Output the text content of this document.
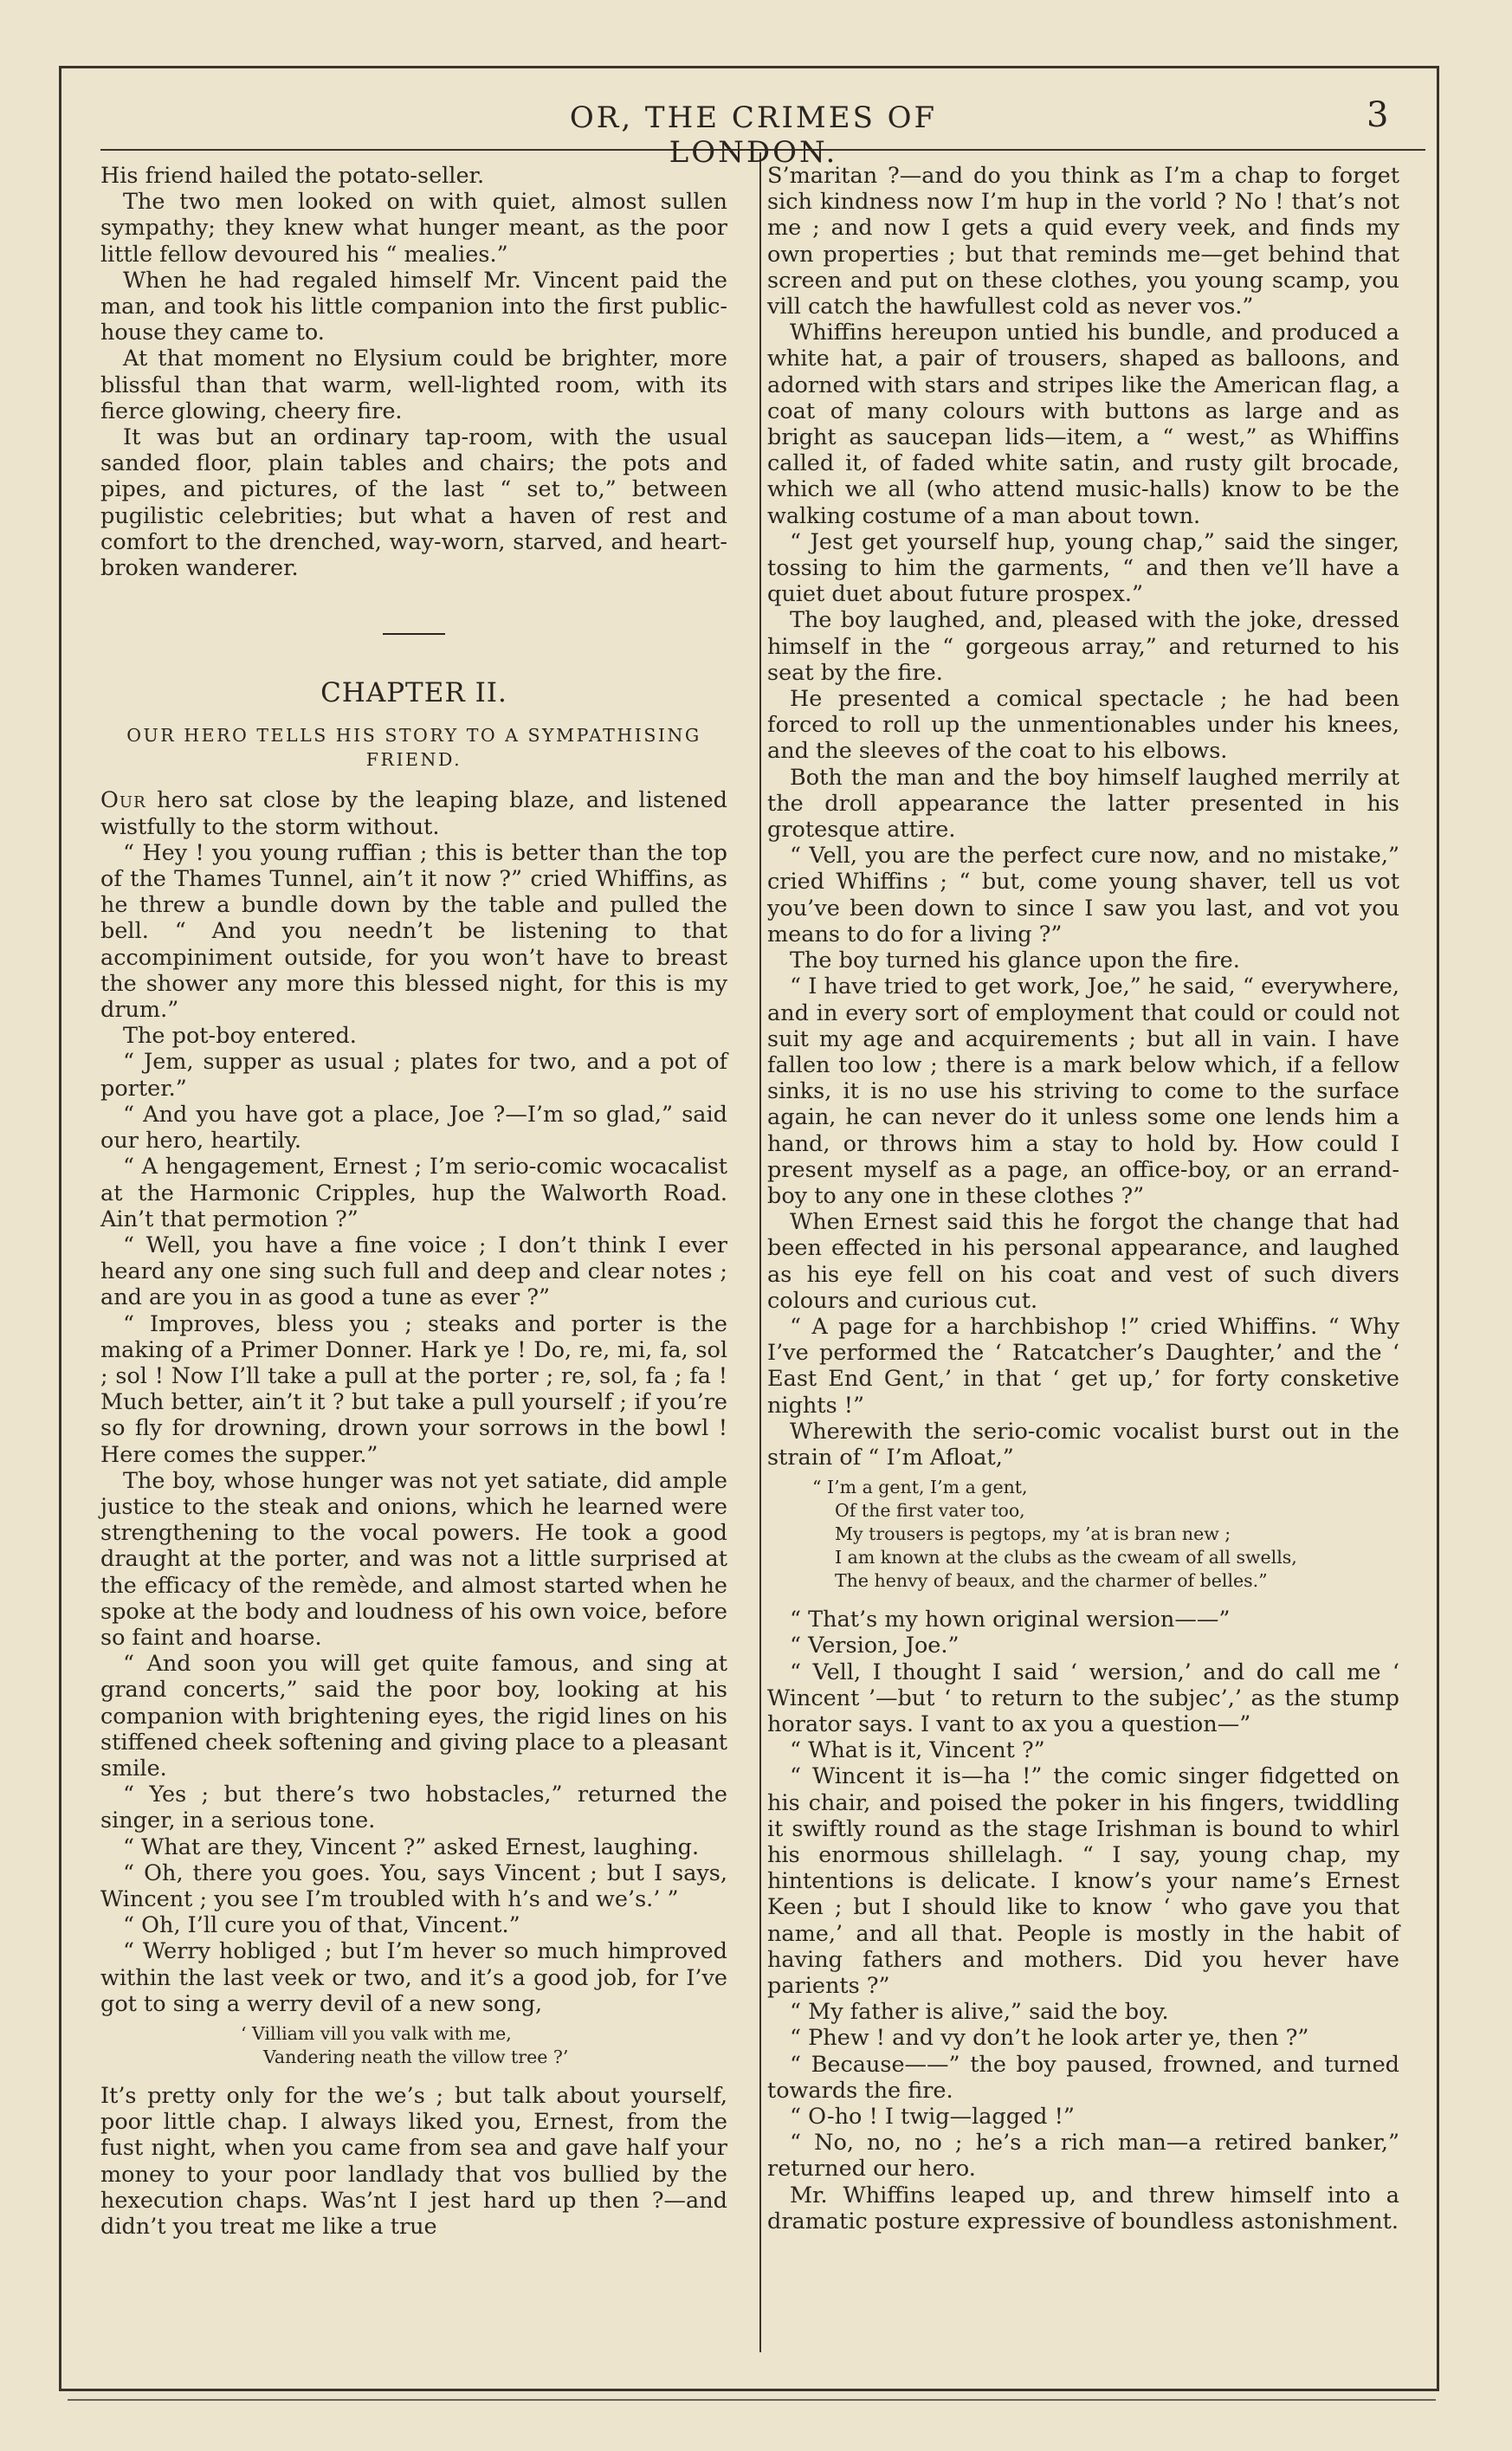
OR, THE CRIMES OF LONDON.
3

His friend hailed the potato-seller.

The two men looked on with quiet, almost sullen sympathy; they knew what hunger meant, as the poor little fellow devoured his “ mealies.”

When he had regaled himself Mr. Vincent paid the man, and took his little companion into the first public-house they came to.

At that moment no Elysium could be brighter, more blissful than that warm, well-lighted room, with its fierce glowing, cheery fire.

It was but an ordinary tap-room, with the usual sanded floor, plain tables and chairs; the pots and pipes, and pictures, of the last “ set to,” between pugilistic celebrities; but what a haven of rest and comfort to the drenched, way-worn, starved, and heart-broken wanderer.

CHAPTER II.
OUR HERO TELLS HIS STORY TO A SYMPATHISING FRIEND.

Our hero sat close by the leaping blaze, and listened wistfully to the storm without.

“ Hey ! you young ruffian ; this is better than the top of the Thames Tunnel, ain’t it now ?” cried Whiffins, as he threw a bundle down by the table and pulled the bell. “ And you needn’t be listening to that accompiniment outside, for you won’t have to breast the shower any more this blessed night, for this is my drum.”

The pot-boy entered.

“ Jem, supper as usual ; plates for two, and a pot of porter.”

“ And you have got a place, Joe ?—I’m so glad,” said our hero, heartily.

“ A hengagement, Ernest ; I’m serio-comic wocacalist at the Harmonic Cripples, hup the Walworth Road. Ain’t that permotion ?”

“ Well, you have a fine voice ; I don’t think I ever heard any one sing such full and deep and clear notes ; and are you in as good a tune as ever ?”

“ Improves, bless you ; steaks and porter is the making of a Primer Donner. Hark ye ! Do, re, mi, fa, sol ; sol ! Now I’ll take a pull at the porter ; re, sol, fa ; fa ! Much better, ain’t it ? but take a pull yourself ; if you’re so fly for drowning, drown your sorrows in the bowl ! Here comes the supper.”

The boy, whose hunger was not yet satiate, did ample justice to the steak and onions, which he learned were strengthening to the vocal powers. He took a good draught at the porter, and was not a little surprised at the efficacy of the remède, and almost started when he spoke at the body and loudness of his own voice, before so faint and hoarse.

“ And soon you will get quite famous, and sing at grand concerts,” said the poor boy, looking at his companion with brightening eyes, the rigid lines on his stiffened cheek softening and giving place to a pleasant smile.

“ Yes ; but there’s two hobstacles,” returned the singer, in a serious tone.

“ What are they, Vincent ?” asked Ernest, laughing.

“ Oh, there you goes. You, says Vincent ; but I says, Wincent ; you see I’m troubled with h’s and we’s.’ ”

“ Oh, I’ll cure you of that, Vincent.”

“ Werry hobliged ; but I’m hever so much himproved within the last veek or two, and it’s a good job, for I’ve got to sing a werry devil of a new song,

‘ Villiam vill you valk with me,
Vandering neath the villow tree ?’

It’s pretty only for the we’s ; but talk about yourself, poor little chap. I always liked you, Ernest, from the fust night, when you came from sea and gave half your money to your poor landlady that vos bullied by the hexecution chaps. Was’nt I jest hard up then ?—and didn’t you treat me like a true

S’maritan ?—and do you think as I’m a chap to forget sich kindness now I’m hup in the vorld ? No ! that’s not me ; and now I gets a quid every veek, and finds my own properties ; but that reminds me—get behind that screen and put on these clothes, you young scamp, you vill catch the hawfullest cold as never vos.”

Whiffins hereupon untied his bundle, and produced a white hat, a pair of trousers, shaped as balloons, and adorned with stars and stripes like the American flag, a coat of many colours with buttons as large and as bright as saucepan lids—item, a “ west,” as Whiffins called it, of faded white satin, and rusty gilt brocade, which we all (who attend music-halls) know to be the walking costume of a man about town.

“ Jest get yourself hup, young chap,” said the singer, tossing to him the garments, “ and then ve’ll have a quiet duet about future prospex.”

The boy laughed, and, pleased with the joke, dressed himself in the “ gorgeous array,” and returned to his seat by the fire.

He presented a comical spectacle ; he had been forced to roll up the unmentionables under his knees, and the sleeves of the coat to his elbows.

Both the man and the boy himself laughed merrily at the droll appearance the latter presented in his grotesque attire.

“ Vell, you are the perfect cure now, and no mistake,” cried Whiffins ; “ but, come young shaver, tell us vot you’ve been down to since I saw you last, and vot you means to do for a living ?”

The boy turned his glance upon the fire.

“ I have tried to get work, Joe,” he said, “ everywhere, and in every sort of employment that could or could not suit my age and acquirements ; but all in vain. I have fallen too low ; there is a mark below which, if a fellow sinks, it is no use his striving to come to the surface again, he can never do it unless some one lends him a hand, or throws him a stay to hold by. How could I present myself as a page, an office-boy, or an errand-boy to any one in these clothes ?”

When Ernest said this he forgot the change that had been effected in his personal appearance, and laughed as his eye fell on his coat and vest of such divers colours and curious cut.

“ A page for a harchbishop !” cried Whiffins. “ Why I’ve performed the ‘ Ratcatcher’s Daughter,’ and the ‘ East End Gent,’ in that ‘ get up,’ for forty consketive nights !”

Wherewith the serio-comic vocalist burst out in the strain of “ I’m Afloat,”

“ I’m a gent, I’m a gent,
Of the first vater too,
My trousers is pegtops, my ’at is bran new ;
I am known at the clubs as the cweam of all swells,
The henvy of beaux, and the charmer of belles.”

“ That’s my hown original wersion——”

“ Version, Joe.”

“ Vell, I thought I said ‘ wersion,’ and do call me ‘ Wincent ’—but ‘ to return to the subjec’,’ as the stump horator says. I vant to ax you a question—”

“ What is it, Vincent ?”

“ Wincent it is—ha !” the comic singer fidgetted on his chair, and poised the poker in his fingers, twiddling it swiftly round as the stage Irishman is bound to whirl his enormous shillelagh. “ I say, young chap, my hintentions is delicate. I know’s your name’s Ernest Keen ; but I should like to know ‘ who gave you that name,’ and all that. People is mostly in the habit of having fathers and mothers. Did you hever have parients ?”

“ My father is alive,” said the boy.

“ Phew ! and vy don’t he look arter ye, then ?”

“ Because——” the boy paused, frowned, and turned towards the fire.

“ O-ho ! I twig—lagged !”

“ No, no, no ; he’s a rich man—a retired banker,” returned our hero.

Mr. Whiffins leaped up, and threw himself into a dramatic posture expressive of boundless astonishment.
